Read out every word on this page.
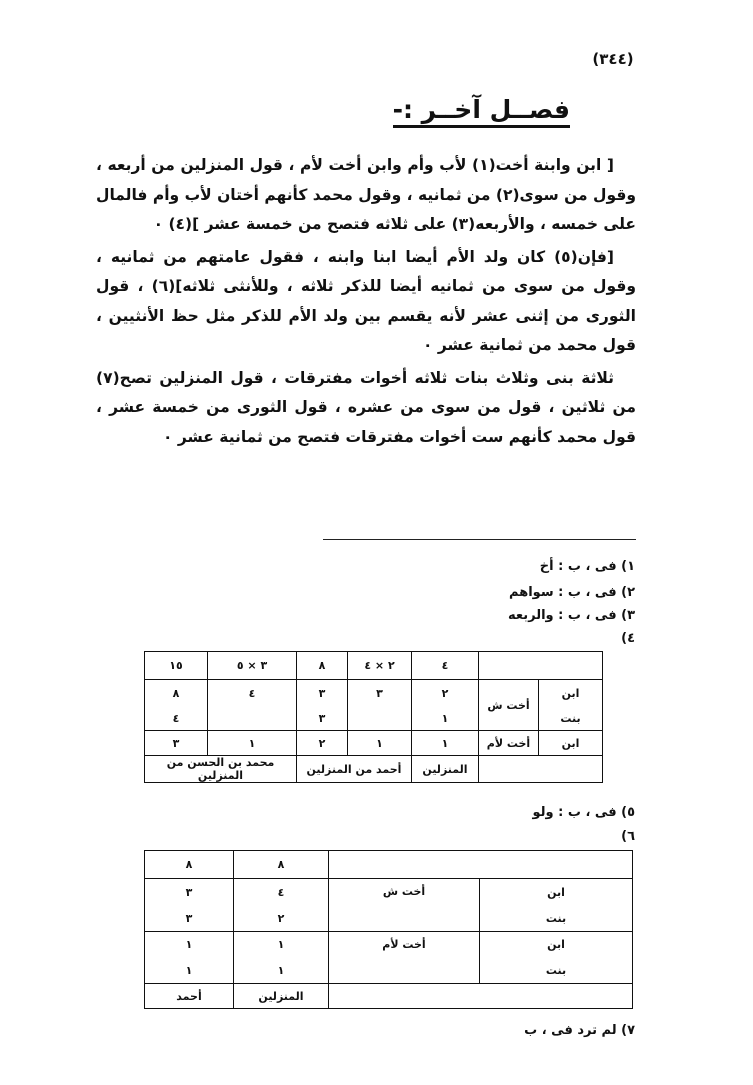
(٣٤٤)
فصــل آخــر :-

[ ابن وابنة أخت(١) لأب وأم وابن أخت لأم ، قول المنزلين من أربعه ، وقول من سوى(٢) من ثمانيه ، وقول محمد كأنهم أختان لأب وأم فالمال على خمسه ، والأربعه(٣) على ثلاثه فتصح من خمسة عشر ](٤) ٠

[فإن(٥) كان ولد الأم أيضا ابنا وابنه ، فقول عامتهم من ثمانيه ، وقول من سوى من ثمانيه أيضا للذكر ثلاثه ، وللأنثى ثلاثه](٦) ، قول الثورى من إثنى عشر لأنه يقسم بين ولد الأم للذكر مثل حظ الأنثيين ، قول محمد من ثمانية عشر ٠

ثلاثة بنى وثلاث بنات ثلاثه أخوات مفترقات ، قول المنزلين تصح(٧) من ثلاثين ، قول من سوى من عشره ، قول الثورى من خمسة عشر ، قول محمد كأنهم ست أخوات مفترقات فتصح من ثمانية عشر ٠

١) فى ، ب : أخ
٢) فى ، ب : سواهم
٣) فى ، ب : والربعه
٤)
		٤	٢ × ٤	٨	٣ × ٥	١٥
ابن	أخت ش	٢	٣	٣	٤	٨
بنت		١		٣		٤
ابن	أخت لأم	١	١	٢	١	٣
		المنزلين	أحمد من المنزلين		محمد بن الحسن من المنزلين	
٥) فى ، ب : ولو
٦)
		٨	٨
ابن	أخت ش	٤	٣
بنت		٢	٣
ابن	أخت لأم	١	١
بنت		١	١
		المنزلين	أحمد
٧) لم ترد فى ، ب
